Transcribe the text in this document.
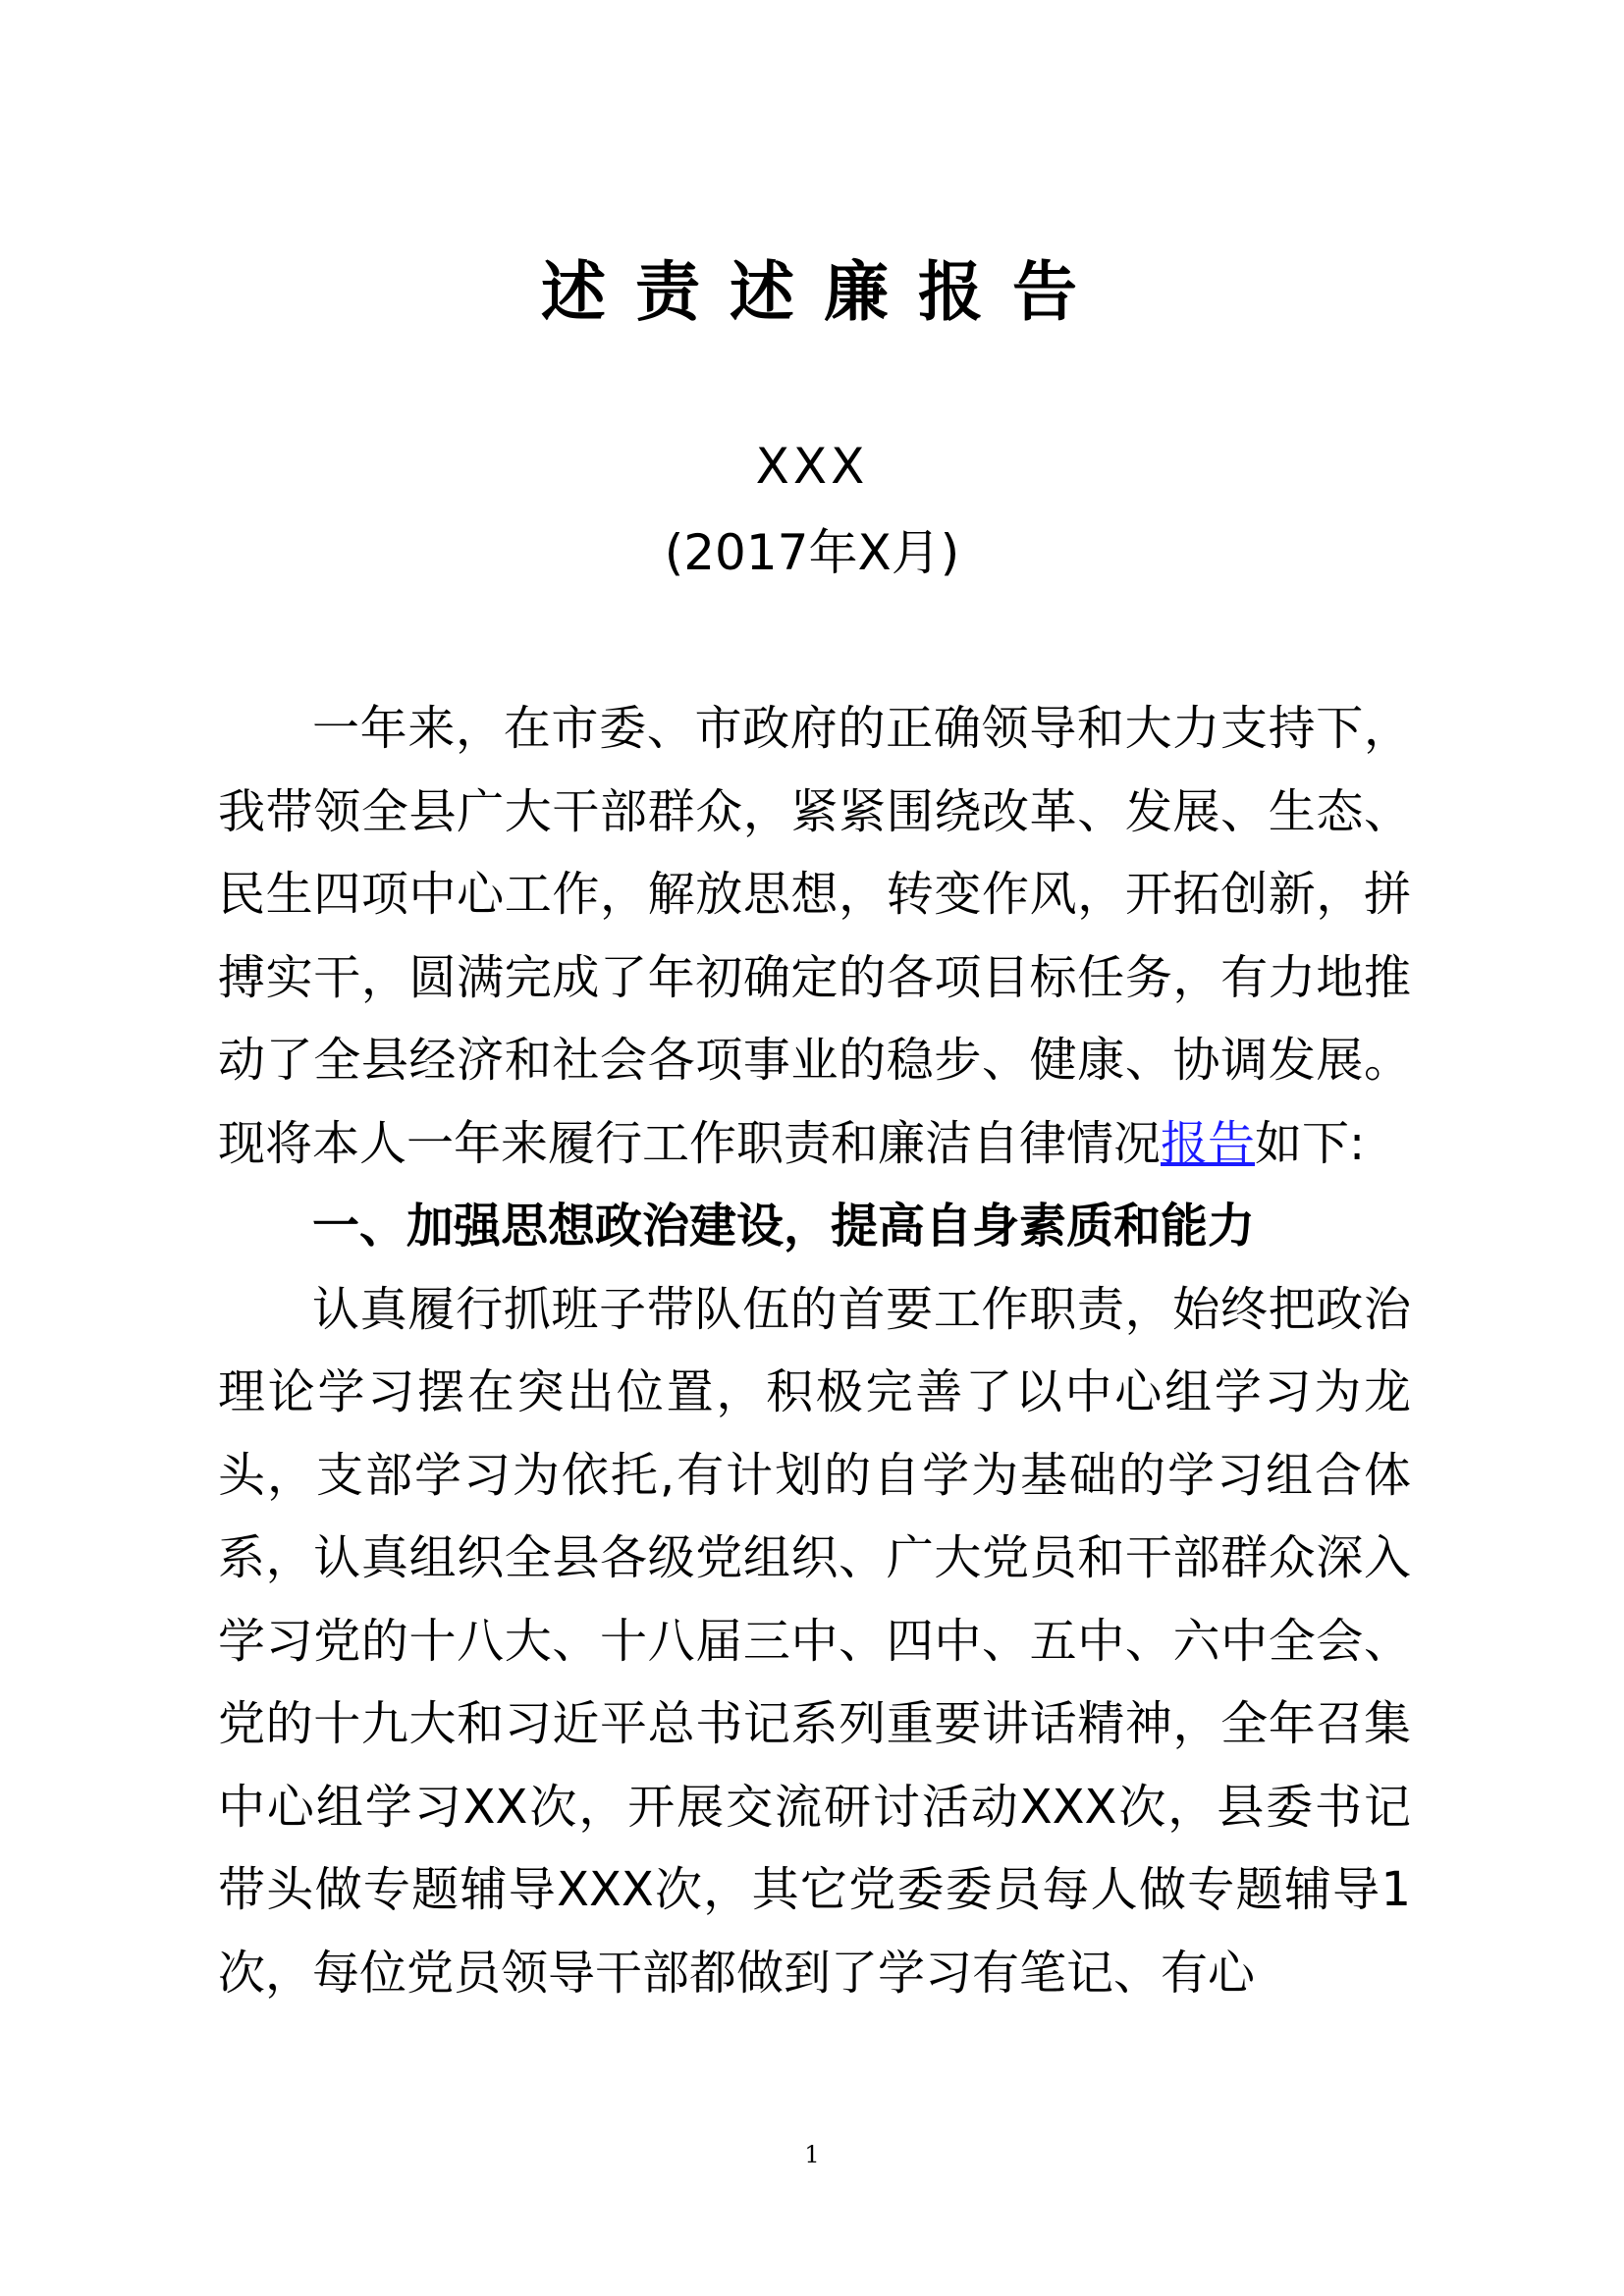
述责述廉报告
XXX
(2017年X月)

一年来，在市委、市政府的正确领导和大力支持下，我带领全县广大干部群众，紧紧围绕改革、发展、生态、民生四项中心工作，解放思想，转变作风，开拓创新，拼搏实干，圆满完成了年初确定的各项目标任务，有力地推动了全县经济和社会各项事业的稳步、健康、协调发展。现将本人一年来履行工作职责和廉洁自律情况报告如下:

一、加强思想政治建设，提高自身素质和能力

认真履行抓班子带队伍的首要工作职责，始终把政治理论学习摆在突出位置，积极完善了以中心组学习为龙头，支部学习为依托,有计划的自学为基础的学习组合体系，认真组织全县各级党组织、广大党员和干部群众深入学习党的十八大、十八届三中、四中、五中、六中全会、党的十九大和习近平总书记系列重要讲话精神，全年召集中心组学习XX次，开展交流研讨活动XXX次，县委书记带头做专题辅导XXX次，其它党委委员每人做专题辅导1次，每位党员领导干部都做到了学习有笔记、有心

1
